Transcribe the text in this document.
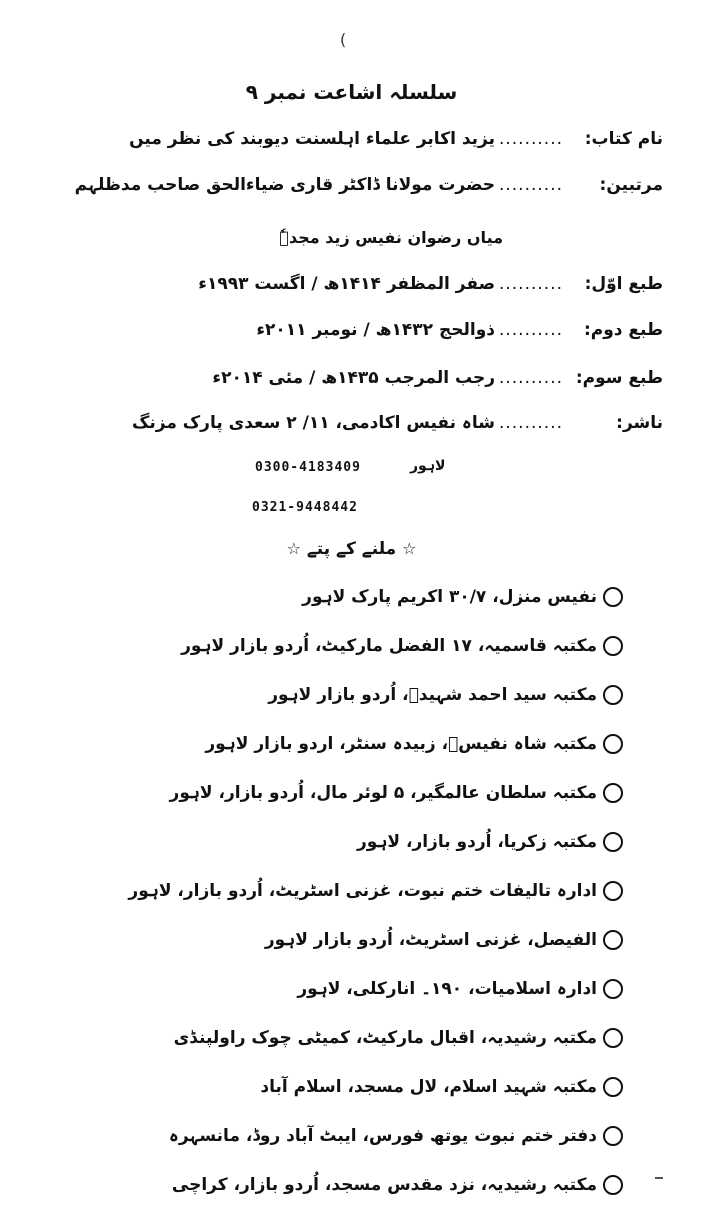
(
سلسلہ اشاعت نمبر ۹
نام کتاب:..........یزید اکابر علماء اہلسنت دیوبند کی نظر میں
مرتبین:..........حضرت مولانا ڈاکٹر قاری ضیاءالحق صاحب مدظلہم
میاں رضوان نفیس زید مجدہٗ
طبع اوّل:..........صفر المظفر ۱۴۱۴ھ / اگست ۱۹۹۳ء
طبع دوم:..........ذوالحج ۱۴۳۲ھ / نومبر ۲۰۱۱ء
طبع سوم:..........رجب المرجب ۱۴۳۵ھ / مئی ۲۰۱۴ء
ناشر:..........شاہ نفیس اکادمی، ۱۱/ ۲ سعدی پارک مزنگ
لاہور
0300-4183409
0321-9448442
☆ ملنے کے پتے ☆
نفیس منزل، ۳۰/۷ اکریم پارک لاہور
مکتبہ قاسمیہ، ۱۷ الفضل مارکیٹ، اُردو بازار لاہور
مکتبہ سید احمد شہیدؒ، اُردو بازار لاہور
مکتبہ شاہ نفیسؒ، زبیدہ سنٹر، اردو بازار لاہور
مکتبہ سلطان عالمگیر، ۵ لوئر مال، اُردو بازار، لاہور
مکتبہ زکریا، اُردو بازار، لاہور
ادارہ تالیفات ختم نبوت، غزنی اسٹریٹ، اُردو بازار، لاہور
الفیصل، غزنی اسٹریٹ، اُردو بازار لاہور
ادارہ اسلامیات، ۱۹۰۔ انارکلی، لاہور
مکتبہ رشیدیہ، اقبال مارکیٹ، کمیٹی چوک راولپنڈی
مکتبہ شہید اسلام، لال مسجد، اسلام آباد
دفتر ختم نبوت یوتھ فورس، ایبٹ آباد روڈ، مانسہرہ
مکتبہ رشیدیہ، نزد مقدس مسجد، اُردو بازار، کراچی
